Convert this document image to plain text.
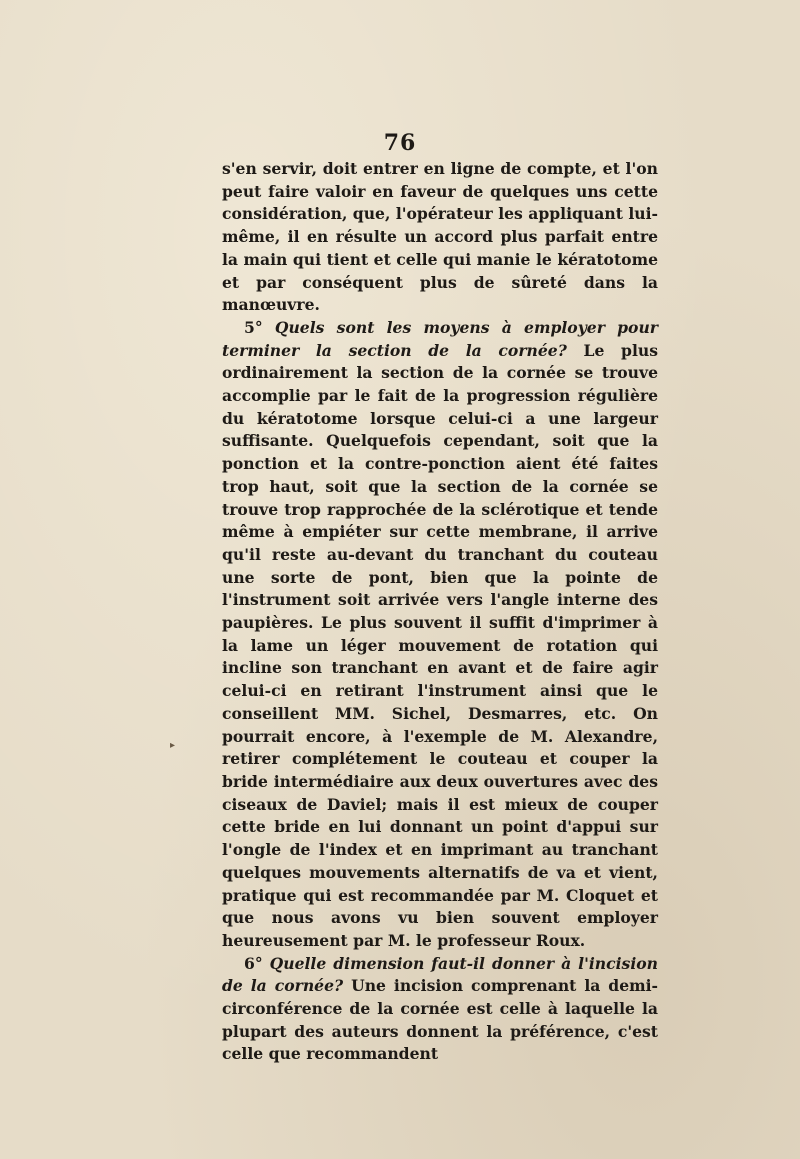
76

s'en servir, doit entrer en ligne de compte, et l'on peut faire valoir en faveur de quelques uns cette considération, que, l'opérateur les appliquant lui-même, il en résulte un accord plus parfait entre la main qui tient et celle qui manie le kératotome et par conséquent plus de sûreté dans la manœuvre.

5° Quels sont les moyens à employer pour terminer la section de la cornée? Le plus ordinairement la section de la cornée se trouve accomplie par le fait de la progression régulière du kératotome lorsque celui-ci a une largeur suffisante. Quelquefois cependant, soit que la ponction et la contre-ponction aient été faites trop haut, soit que la section de la cornée se trouve trop rapprochée de la sclérotique et tende même à empiéter sur cette membrane, il arrive qu'il reste au-devant du tranchant du couteau une sorte de pont, bien que la pointe de l'instrument soit arrivée vers l'angle interne des paupières. Le plus souvent il suffit d'imprimer à la lame un léger mouvement de rotation qui incline son tranchant en avant et de faire agir celui-ci en retirant l'instrument ainsi que le conseillent MM. Sichel, Desmarres, etc. On pourrait encore, à l'exemple de M. Alexandre, retirer complétement le couteau et couper la bride intermédiaire aux deux ouvertures avec des ciseaux de Daviel; mais il est mieux de couper cette bride en lui donnant un point d'appui sur l'ongle de l'index et en imprimant au tranchant quelques mouvements alternatifs de va et vient, pratique qui est recommandée par M. Cloquet et que nous avons vu bien souvent employer heureusement par M. le professeur Roux.

6° Quelle dimension faut-il donner à l'incision de la cornée? Une incision comprenant la demi-circonférence de la cornée est celle à laquelle la plupart des auteurs donnent la préférence, c'est celle que recommandent

▸
